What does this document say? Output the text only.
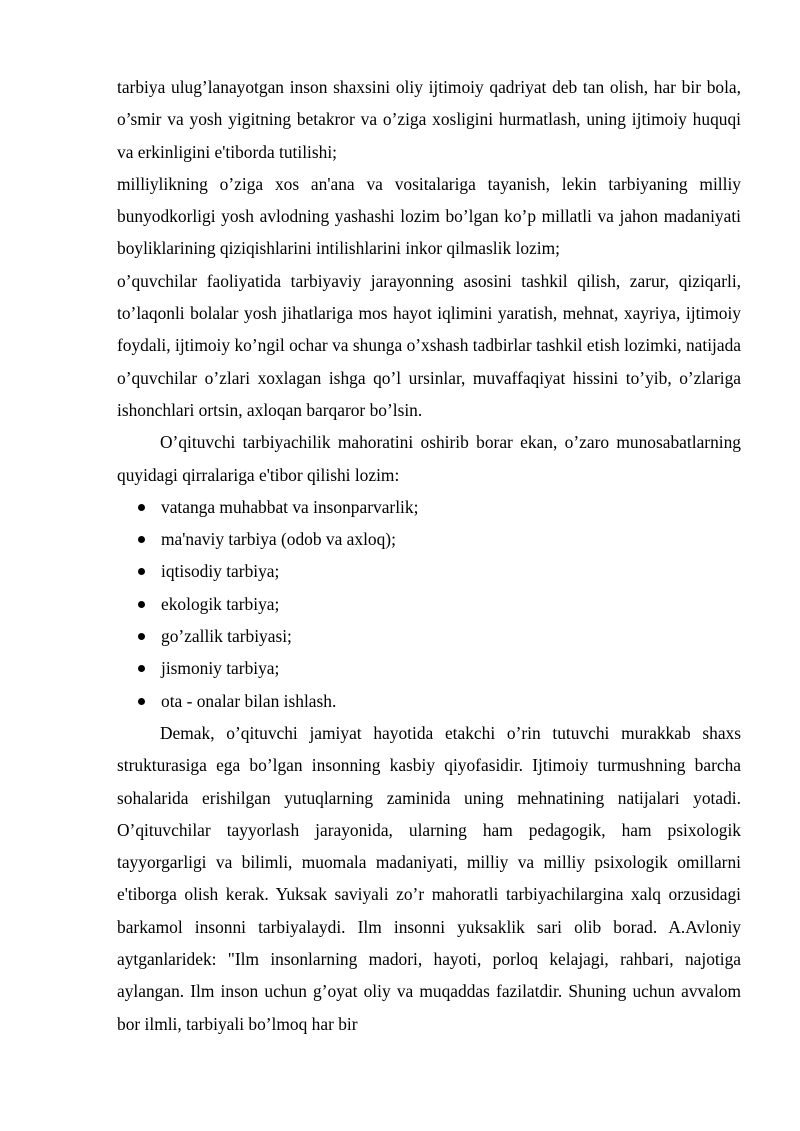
tarbiya ulug’lanayotgan inson shaxsini oliy ijtimoiy qadriyat deb tan olish, har bir bola, o’smir va yosh yigitning betakror va o’ziga xosligini hurmatlash, uning ijtimoiy huquqi va erkinligini e'tiborda tutilishi;

milliylikning o’ziga xos an'ana va vositalariga tayanish, lekin tarbiyaning milliy bunyodkorligi yosh avlodning yashashi lozim bo’lgan ko’p millatli va jahon madaniyati boyliklarining qiziqishlarini intilishlarini inkor qilmaslik lozim;

o’quvchilar faoliyatida tarbiyaviy jarayonning asosini tashkil qilish, zarur, qiziqarli, to’laqonli bolalar yosh jihatlariga mos hayot iqlimini yaratish, mehnat, xayriya, ijtimoiy foydali, ijtimoiy ko’ngil ochar va shunga o’xshash tadbirlar tashkil etish lozimki, natijada o’quvchilar o’zlari xoxlagan ishga qo’l ursinlar, muvaffaqiyat hissini to’yib, o’zlariga ishonchlari ortsin, axloqan barqaror bo’lsin.

O’qituvchi tarbiyachilik mahoratini oshirib borar ekan, o’zaro munosabatlarning quyidagi qirralariga e'tibor qilishi lozim:

vatanga muhabbat va insonparvarlik;
ma'naviy tarbiya (odob va axloq);
iqtisodiy tarbiya;
ekologik tarbiya;
go’zallik tarbiyasi;
jismoniy tarbiya;
ota - onalar bilan ishlash.

Demak, o’qituvchi jamiyat hayotida etakchi o’rin tutuvchi murakkab shaxs strukturasiga ega bo’lgan insonning kasbiy qiyofasidir. Ijtimoiy turmushning barcha sohalarida erishilgan yutuqlarning zaminida uning mehnatining natijalari yotadi. O’qituvchilar tayyorlash jarayonida, ularning ham pedagogik, ham psixologik tayyorgarligi va bilimli, muomala madaniyati, milliy va milliy psixologik omillarni e'tiborga olish kerak. Yuksak saviyali zo’r mahoratli tarbiyachilargina xalq orzusidagi barkamol insonni tarbiyalaydi. Ilm insonni yuksaklik sari olib borad. A.Avloniy aytganlaridek: "Ilm insonlarning madori, hayoti, porloq kelajagi, rahbari, najotiga aylangan. Ilm inson uchun g’oyat oliy va muqaddas fazilatdir. Shuning uchun avvalom bor ilmli, tarbiyali bo’lmoq har bir
